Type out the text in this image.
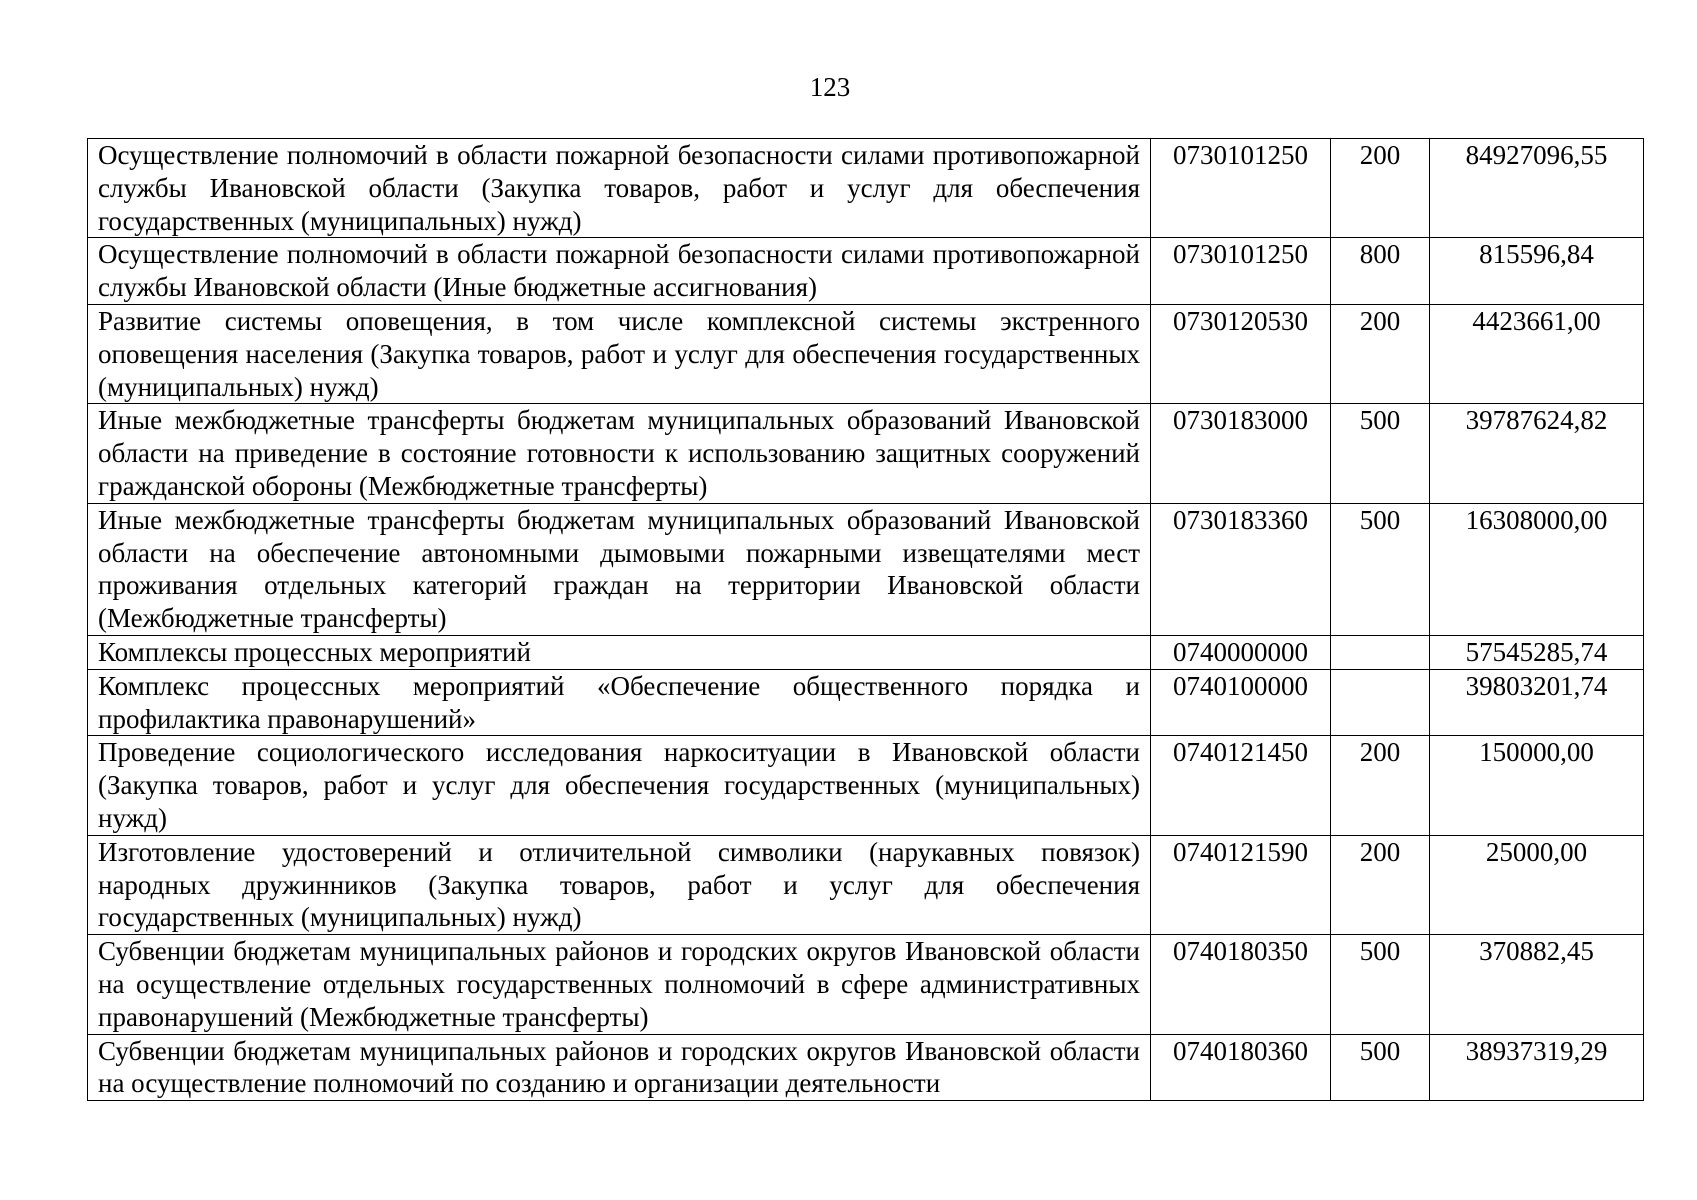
123
Осуществление полномочий в области пожарной безопасности силами противопожарной службы Ивановской области (Закупка товаров, работ и услуг для обеспечения государственных (муниципальных) нужд)	0730101250	200	84927096,55
Осуществление полномочий в области пожарной безопасности силами противопожарной службы Ивановской области (Иные бюджетные ассигнования)	0730101250	800	815596,84
Развитие системы оповещения, в том числе комплексной системы экстренного оповещения населения (Закупка товаров, работ и услуг для обеспечения государственных (муниципальных) нужд)	0730120530	200	4423661,00
Иные межбюджетные трансферты бюджетам муниципальных образований Ивановской области на приведение в состояние готовности к использованию защитных сооружений гражданской обороны (Межбюджетные трансферты)	0730183000	500	39787624,82
Иные межбюджетные трансферты бюджетам муниципальных образований Ивановской области на обеспечение автономными дымовыми пожарными извещателями мест проживания отдельных категорий граждан на территории Ивановской области (Межбюджетные трансферты)	0730183360	500	16308000,00
Комплексы процессных мероприятий	0740000000		57545285,74
Комплекс процессных мероприятий «Обеспечение общественного порядка и профилактика правонарушений»	0740100000		39803201,74
Проведение социологического исследования наркоситуации в Ивановской области (Закупка товаров, работ и услуг для обеспечения государственных (муниципальных) нужд)	0740121450	200	150000,00
Изготовление удостоверений и отличительной символики (нарукавных повязок) народных дружинников (Закупка товаров, работ и услуг для обеспечения государственных (муниципальных) нужд)	0740121590	200	25000,00
Субвенции бюджетам муниципальных районов и городских округов Ивановской области на осуществление отдельных государственных полномочий в сфере административных правонарушений (Межбюджетные трансферты)	0740180350	500	370882,45
Субвенции бюджетам муниципальных районов и городских округов Ивановской области на осуществление полномочий по созданию и организации деятельности	0740180360	500	38937319,29
